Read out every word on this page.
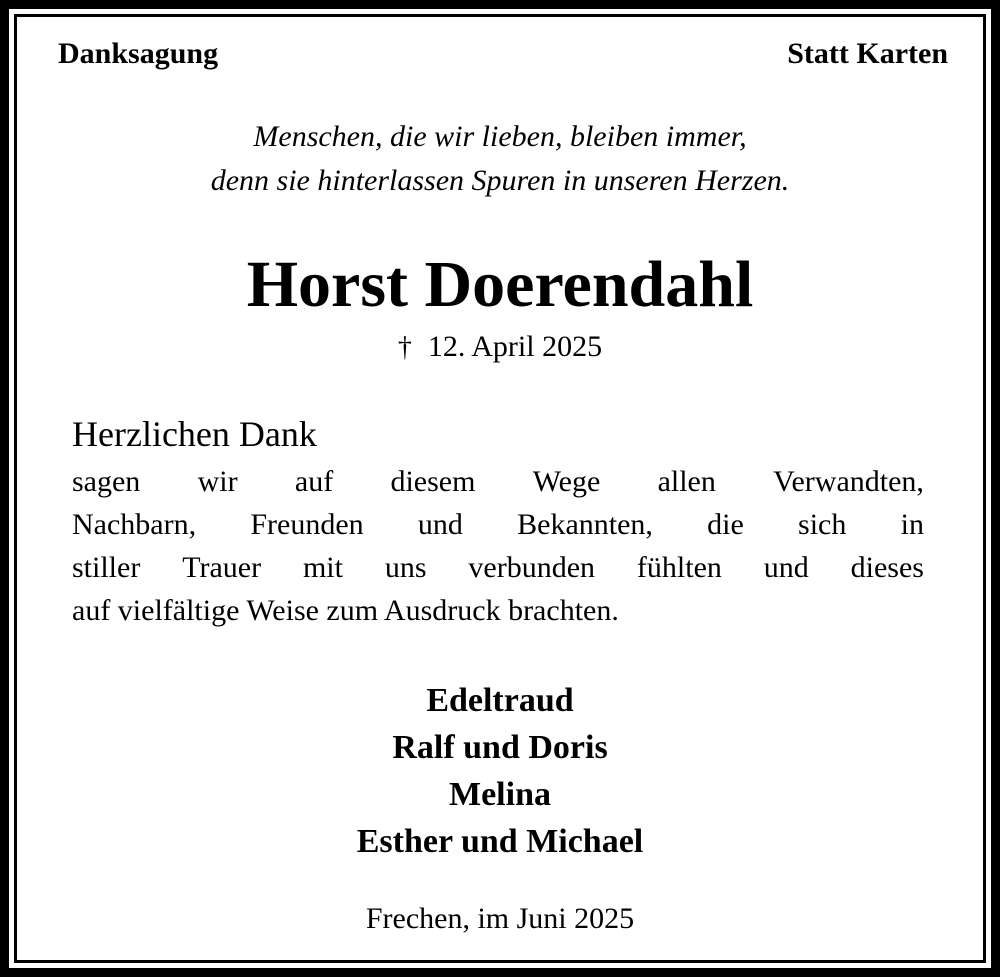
Danksagung	Statt Karten
Menschen, die wir lieben, bleiben immer,
denn sie hinterlassen Spuren in unseren Herzen.
Horst Doerendahl
† 12. April 2025
Herzlichen Dank
sagen wir auf diesem Wege allen Verwandten,
Nachbarn, Freunden und Bekannten, die sich in
stiller Trauer mit uns verbunden fühlten und dieses
auf vielfältige Weise zum Ausdruck brachten.
Edeltraud
Ralf und Doris
Melina
Esther und Michael
Frechen, im Juni 2025
